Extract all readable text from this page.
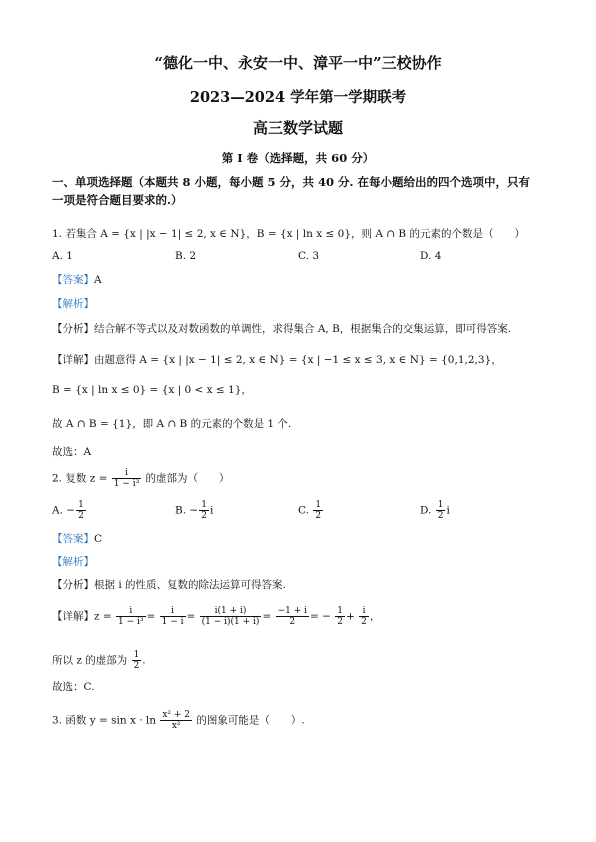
“德化一中、永安一中、漳平一中”三校协作
2023—2024 学年第一学期联考
高三数学试题
第 I 卷（选择题，共 60 分）
一、单项选择题（本题共 8 小题，每小题 5 分，共 40 分. 在每小题给出的四个选项中，只有
一项是符合题目要求的.）
1. 若集合 A = {x | |x − 1| ≤ 2, x ∈ N}，B = {x | ln x ≤ 0}，则 A ∩ B 的元素的个数是（　　）
A. 1	B. 2	C. 3	D. 4
【答案】A
【解析】
【分析】结合解不等式以及对数函数的单调性，求得集合 A, B，根据集合的交集运算，即可得答案.
【详解】由题意得 A = {x | |x − 1| ≤ 2, x ∈ N} = {x | −1 ≤ x ≤ 3, x ∈ N} = {0,1,2,3}，
B = {x | ln x ≤ 0} = {x | 0 < x ≤ 1}，
故 A ∩ B = {1}，即 A ∩ B 的元素的个数是 1 个.
故选：A
2. 复数 $z = \frac{i}{\text{1 − i³}}$ 的虚部为（　　）
A. − $\frac{1}{2}$	B. − $\frac{1}{2}$ i	C. $\frac{1}{2}$	D. $\frac{1}{2}$ i
【答案】C
【解析】
【分析】根据 i 的性质、复数的除法运算可得答案.
【详解】$z = \frac{i}{\text{1 − i³}} = \frac{i}{1 - i} = \frac{i(1 + i)}{(1 - i)(1 + i)} = \frac{-1 + i}{2}$ = − $\frac{1}{2} + \frac{i}{2}$ ，
所以 z 的虚部为 $\frac{1}{2}$ .
故选：C.
3. 函数 $y = \sin x \cdot \ln \frac{\text{x² + 2}}{\text{x²}}$ 的图象可能是（　　）.
